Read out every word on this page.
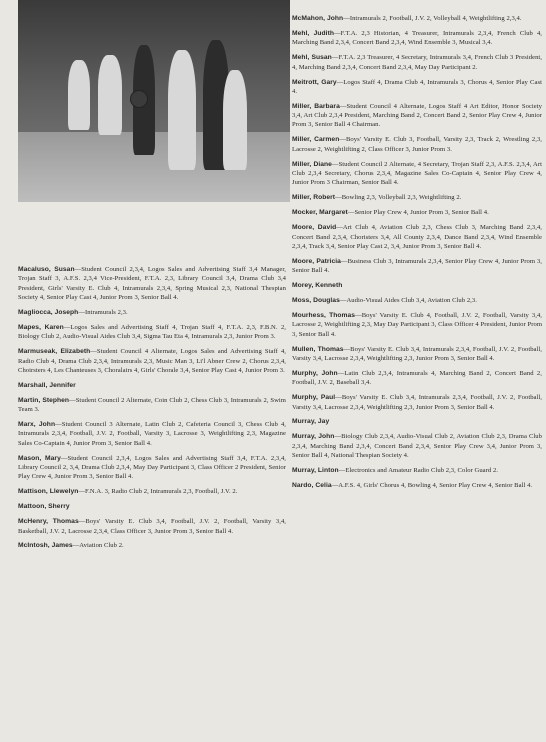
Macaluso, Susan—Student Council 2,3,4, Logos Sales and Advertising Staff 3,4 Manager, Trojan Staff 3, A.F.S. 2,3,4 Vice-President, F.T.A. 2,3, Library Council 3,4, Drama Club 3,4 President, Girls' Varsity E. Club 4, Intramurals 2,3,4, Spring Musical 2,3, National Thespian Society 4, Senior Play Cast 4, Junior Prom 3, Senior Ball 4.

Magliocca, Joseph—Intramurals 2,3.

Mapes, Karen—Logos Sales and Advertising Staff 4, Trojan Staff 4, F.T.A. 2,3, F.B.N. 2, Biology Club 2, Audio-Visual Aides Club 3,4, Sigma Tau Eta 4, Intramurals 2,3, Junior Prom 3.

Marmuseak, Elizabeth—Student Council 4 Alternate, Logos Sales and Advertising Staff 4, Radio Club 4, Drama Club 2,3,4, Intramurals 2,3, Music Man 3, Li'l Abner Crew 2, Chorus 2,3,4, Choirsters 4, Les Chanteuses 3, Choralairs 4, Girls' Chorale 3,4, Senior Play Cast 4, Junior Prom 3.

Marshall, Jennifer

Martin, Stephen—Student Council 2 Alternate, Coin Club 2, Chess Club 3, Intramurals 2, Swim Team 3.

Marx, John—Student Council 3 Alternate, Latin Club 2, Cafeteria Council 3, Chess Club 4, Intramurals 2,3,4, Football, J.V. 2, Football, Varsity 3, Lacrosse 3, Weightlifting 2,3, Magazine Sales Co-Captain 4, Junior Prom 3, Senior Ball 4.

Mason, Mary—Student Council 2,3,4, Logos Sales and Advertising Staff 3,4, F.T.A. 2,3,4, Library Council 2, 3,4, Drama Club 2,3,4, May Day Participant 3, Class Officer 2 President, Senior Play Crew 4, Junior Prom 3, Senior Ball 4.

Mattison, Llewelyn—F.N.A. 3, Radio Club 2, Intramurals 2,3, Football, J.V. 2.

Mattoon, Sherry

McHenry, Thomas—Boys' Varsity E. Club 3,4, Football, J.V. 2, Football, Varsity 3,4, Basketball, J.V. 2, Lacrosse 2,3,4, Class Officer 3, Junior Prom 3, Senior Ball 4.

McIntosh, James—Aviation Club 2.

McMahon, John—Intramurals 2, Football, J.V. 2, Volleyball 4, Weightlifting 2,3,4.

Mehl, Judith—F.T.A. 2,3 Historian, 4 Treasurer, Intramurals 2,3,4, French Club 4, Marching Band 2,3,4, Concert Band 2,3,4, Wind Ensemble 3, Musical 3,4.

Mehl, Susan—F.T.A. 2,3 Treasurer, 4 Secretary, Intramurals 3,4, French Club 3 President, 4, Marching Band 2,3,4, Concert Band 2,3,4, May Day Participant 2.

Meitrott, Gary—Logos Staff 4, Drama Club 4, Intramurals 3, Chorus 4, Senior Play Cast 4.

Miller, Barbara—Student Council 4 Alternate, Logos Staff 4 Art Editor, Honor Society 3,4, Art Club 2,3,4 President, Marching Band 2, Concert Band 2, Senior Play Crew 4, Junior Prom 3, Senior Ball 4 Chairman.

Miller, Carmen—Boys' Varsity E. Club 3, Football, Varsity 2,3, Track 2, Wrestling 2,3, Lacrosse 2, Weightlifting 2, Class Officer 3, Junior Prom 3.

Miller, Diane—Student Council 2 Alternate, 4 Secretary, Trojan Staff 2,3, A.F.S. 2,3,4, Art Club 2,3,4 Secretary, Chorus 2,3,4, Magazine Sales Co-Captain 4, Senior Play Crew 4, Junior Prom 3 Chairman, Senior Ball 4.

Miller, Robert—Bowling 2,3, Volleyball 2,3, Weightlifting 2.

Mocker, Margaret—Senior Play Crew 4, Junior Prom 3, Senior Ball 4.

Moore, David—Art Club 4, Aviation Club 2,3, Chess Club 3, Marching Band 2,3,4, Concert Band 2,3,4, Choristers 3,4, All County 2,3,4, Dance Band 2,3,4, Wind Ensemble 2,3,4, Track 3,4, Senior Play Cast 2, 3,4, Junior Prom 3, Senior Ball 4.

Moore, Patricia—Business Club 3, Intramurals 2,3,4, Senior Play Crew 4, Junior Prom 3, Senior Ball 4.

Morey, Kenneth

Moss, Douglas—Audio-Visual Aides Club 3,4, Aviation Club 2,3.

Mourhess, Thomas—Boys' Varsity E. Club 4, Football, J.V. 2, Football, Varsity 3,4, Lacrosse 2, Weightlifting 2,3, May Day Participant 3, Class Officer 4 President, Junior Prom 3, Senior Ball 4.

Mullen, Thomas—Boys' Varsity E. Club 3,4, Intramurals 2,3,4, Football, J.V. 2, Football, Varsity 3,4, Lacrosse 2,3,4, Weightlifting 2,3, Junior Prom 3, Senior Ball 4.

Murphy, John—Latin Club 2,3,4, Intramurals 4, Marching Band 2, Concert Band 2, Football, J.V. 2, Baseball 3,4.

Murphy, Paul—Boys' Varsity E. Club 3,4, Intramurals 2,3,4, Football, J.V. 2, Football, Varsity 3,4, Lacrosse 2,3,4, Weightlifting 2,3, Junior Prom 3, Senior Ball 4.

Murray, Jay

Murray, John—Biology Club 2,3,4, Audio-Visual Club 2, Aviation Club 2,3, Drama Club 2,3,4, Marching Band 2,3,4, Concert Band 2,3,4, Senior Play Crew 3,4, Junior Prom 3, Senior Ball 4, National Thespian Society 4.

Murray, Linton—Electronics and Amateur Radio Club 2,3, Color Guard 2.

Nardo, Celia—A.F.S. 4, Girls' Chorus 4, Bowling 4, Senior Play Crew 4, Senior Ball 4.
